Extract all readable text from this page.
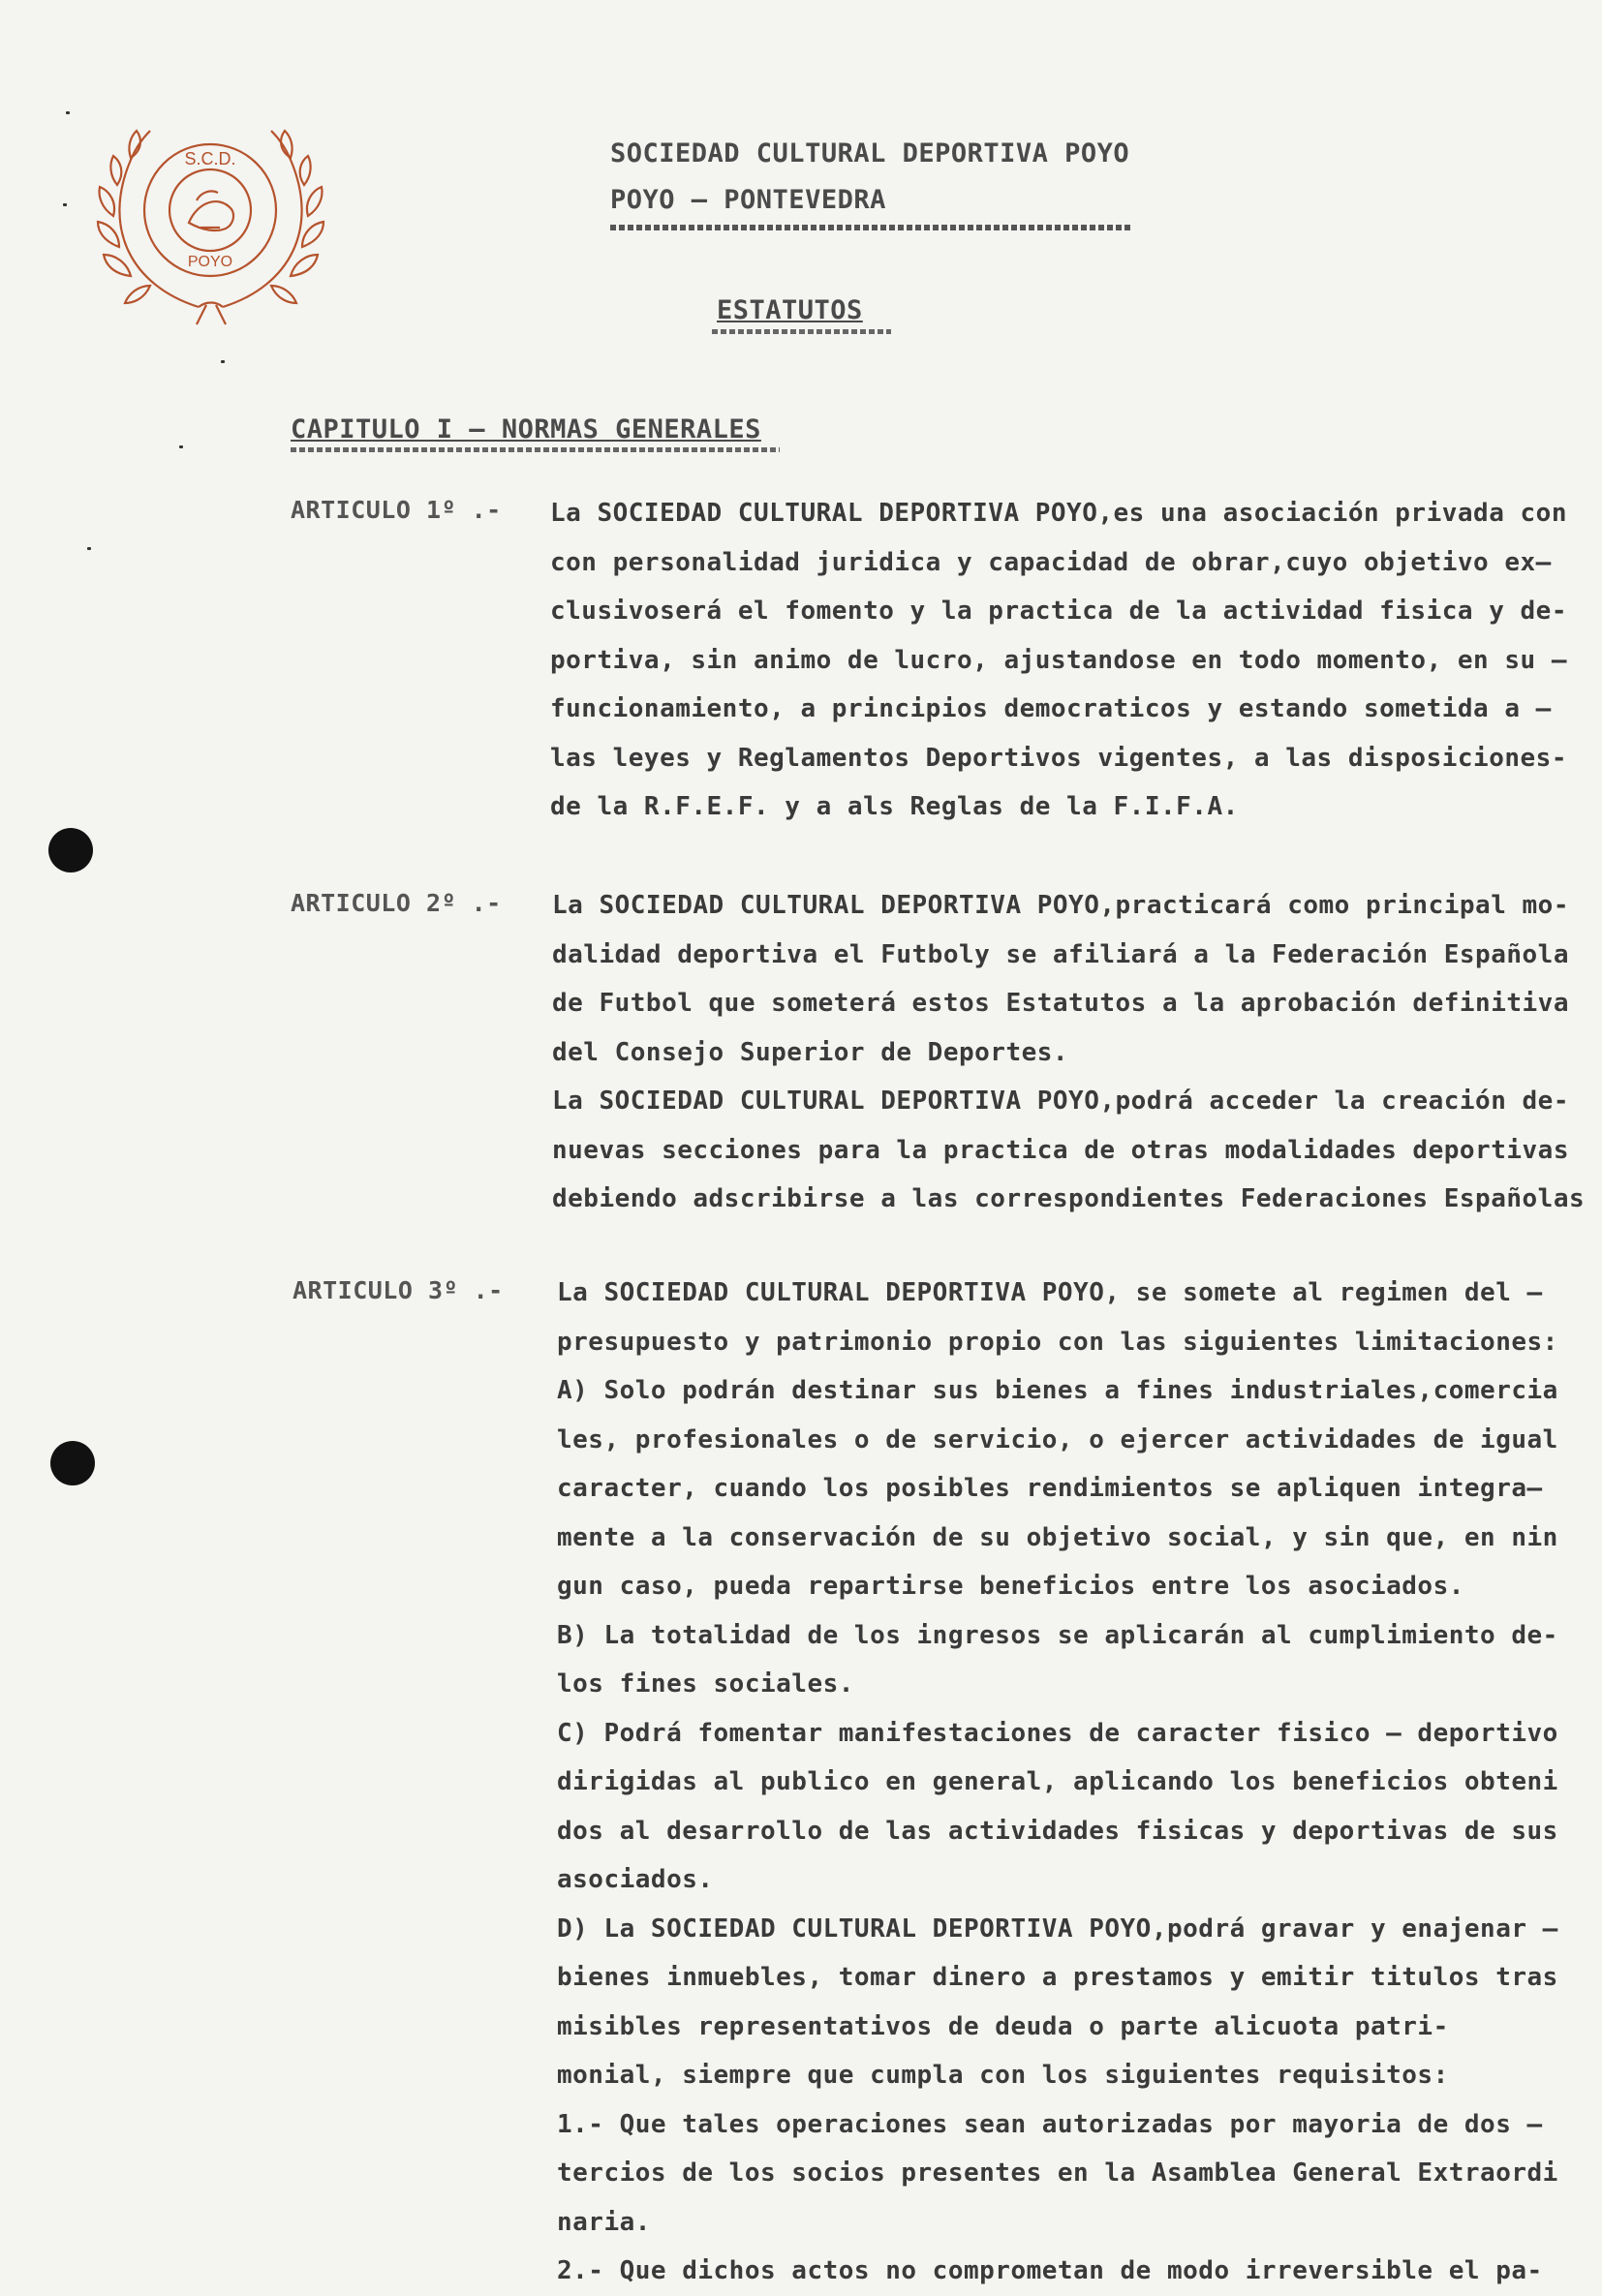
S.C.D.
POYO
SOCIEDAD CULTURAL DEPORTIVA POYO
POYO — PONTEVEDRA
ESTATUTOS
CAPITULO I — NORMAS GENERALES
ARTICULO 1º .- La SOCIEDAD CULTURAL DEPORTIVA POYO,es una asociación privada con
con personalidad juridica y capacidad de obrar,cuyo objetivo ex—
clusivoserá el fomento y la practica de la actividad fisica y de-
portiva, sin animo de lucro, ajustandose en todo momento, en su —
funcionamiento, a principios democraticos y estando sometida a —
las leyes y Reglamentos Deportivos vigentes, a las disposiciones-
de la R.F.E.F. y a als Reglas de la F.I.F.A.
ARTICULO 2º .- La SOCIEDAD CULTURAL DEPORTIVA POYO,practicará como principal mo-
dalidad deportiva el Futboly se afiliará a la Federación Española
de Futbol que someterá estos Estatutos a la aprobación definitiva
del Consejo Superior de Deportes.
La SOCIEDAD CULTURAL DEPORTIVA POYO,podrá acceder la creación de-
nuevas secciones para la practica de otras modalidades deportivas
debiendo adscribirse a las correspondientes Federaciones Españolas
ARTICULO 3º .- La SOCIEDAD CULTURAL DEPORTIVA POYO, se somete al regimen del —
presupuesto y patrimonio propio con las siguientes limitaciones:
A) Solo podrán destinar sus bienes a fines industriales,comercia
les, profesionales o de servicio, o ejercer actividades de igual
caracter, cuando los posibles rendimientos se apliquen integra—
mente a la conservación de su objetivo social, y sin que, en nin
gun caso, pueda repartirse beneficios entre los asociados.
B) La totalidad de los ingresos se aplicarán al cumplimiento de-
los fines sociales.
C) Podrá fomentar manifestaciones de caracter fisico — deportivo
dirigidas al publico en general, aplicando los beneficios obteni
dos al desarrollo de las actividades fisicas y deportivas de sus
asociados.
D) La SOCIEDAD CULTURAL DEPORTIVA POYO,podrá gravar y enajenar —
bienes inmuebles, tomar dinero a prestamos y emitir titulos tras
misibles representativos de deuda o parte alicuota patri-
monial, siempre que cumpla con los siguientes requisitos:
1.- Que tales operaciones sean autorizadas por mayoria de dos —
tercios de los socios presentes en la Asamblea General Extraordi
naria.
2.- Que dichos actos no comprometan de modo irreversible el pa-
